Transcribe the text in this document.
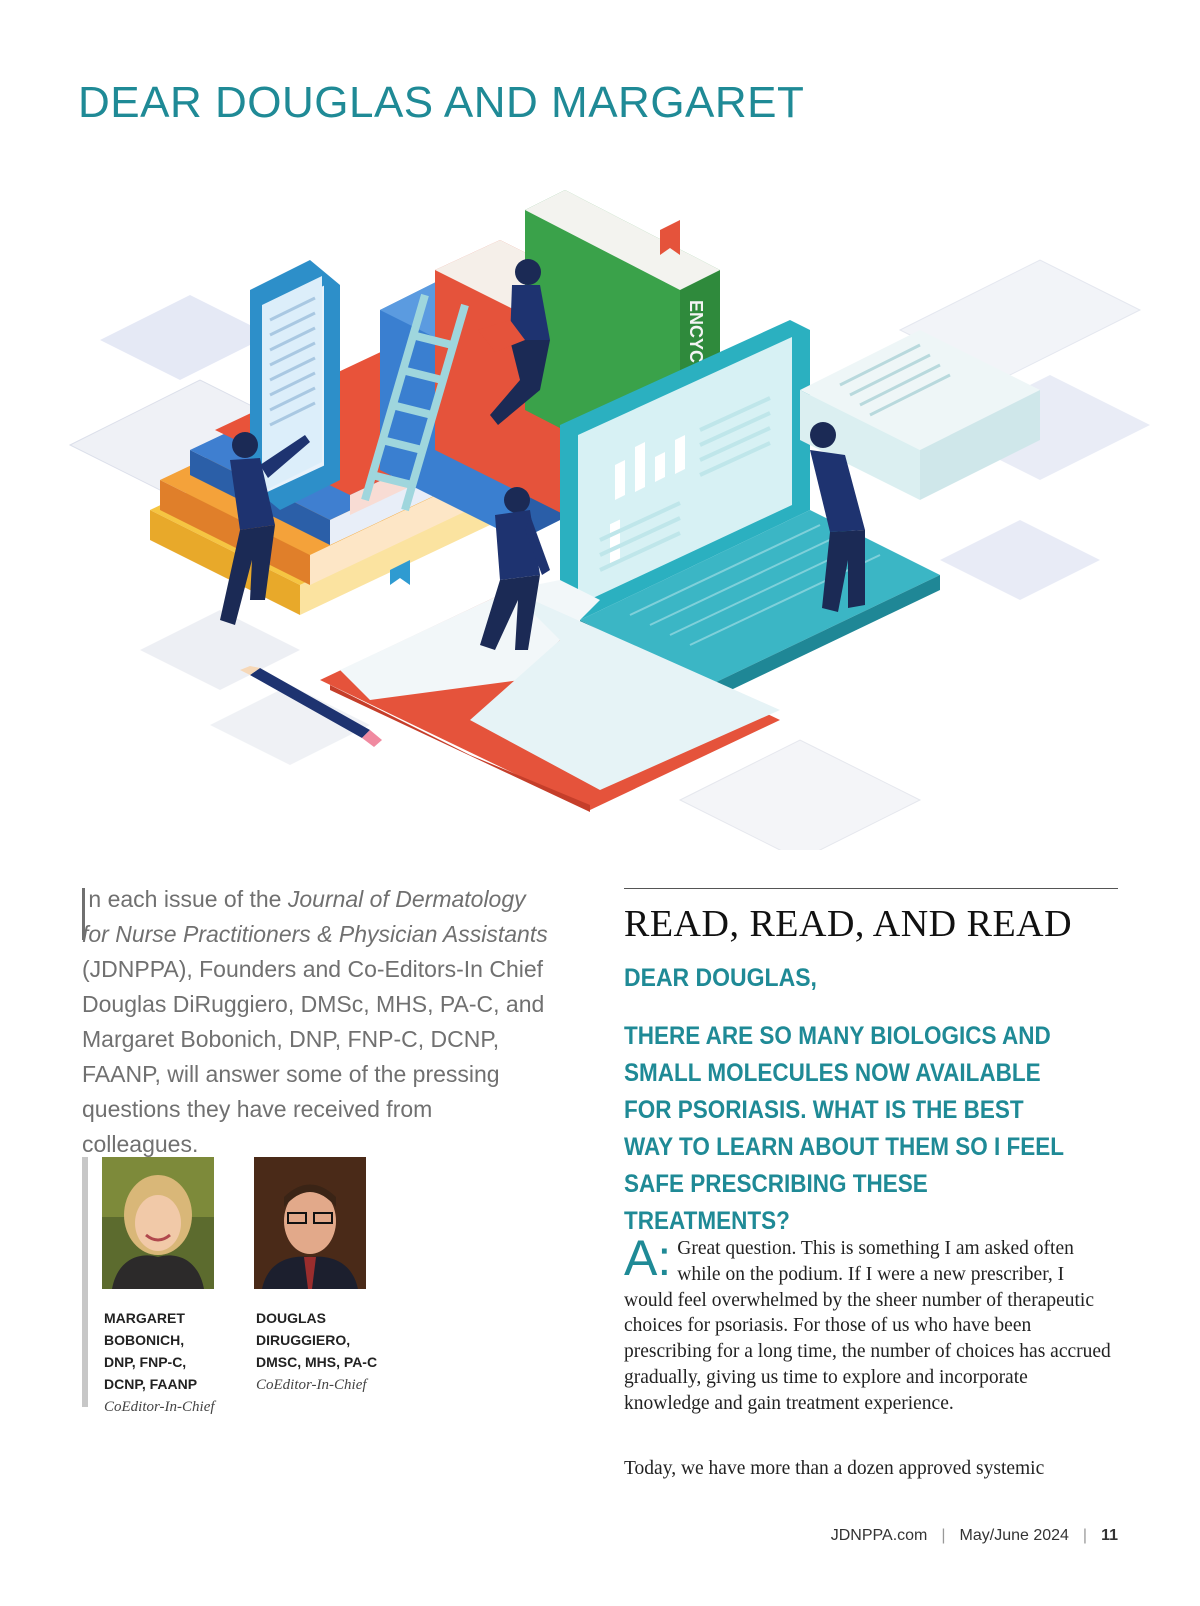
DEAR DOUGLAS AND MARGARET
ENCYC

n each issue of the Journal of Dermatology for Nurse Practitioners & Physician Assistants (JDNPPA), Founders and Co-Editors-In Chief Douglas DiRuggiero, DMSc, MHS, PA-C, and Margaret Bobonich, DNP, FNP-C, DCNP, FAANP, will answer some of the pressing questions they have received from colleagues.

MARGARET
BOBONICH,
DNP, FNP-C,
DCNP, FAANP
CoEditor-In-Chief
DOUGLAS
DIRUGGIERO,
DMSC, MHS, PA-C
CoEditor-In-Chief
READ, READ, AND READ

DEAR DOUGLAS,

THERE ARE SO MANY BIOLOGICS AND SMALL MOLECULES NOW AVAILABLE FOR PSORIASIS. WHAT IS THE BEST WAY TO LEARN ABOUT THEM SO I FEEL SAFE PRESCRIBING THESE TREATMENTS?

A: Great question. This is something I am asked often while on the podium. If I were a new prescriber, I would feel overwhelmed by the sheer number of therapeutic choices for psoriasis. For those of us who have been prescribing for a long time, the number of choices has accrued gradually, giving us time to explore and incorporate knowledge and gain treatment experience.

Today, we have more than a dozen approved systemic

JDNPPA.com | May/June 2024 | 11
